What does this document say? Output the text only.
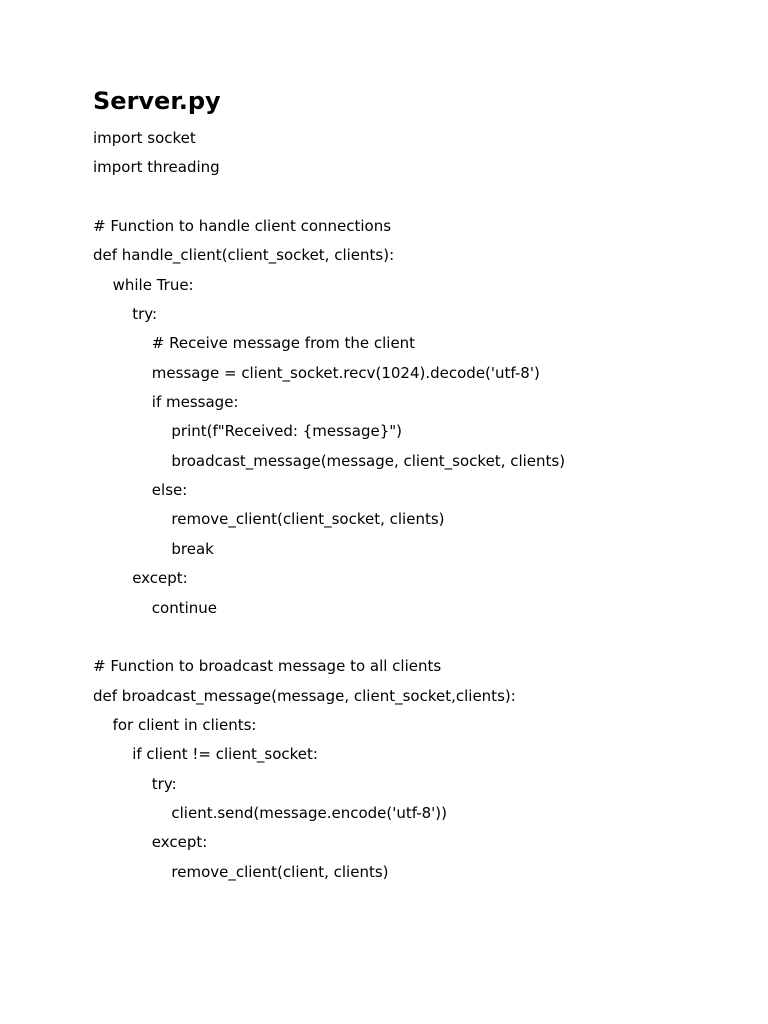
Server.py
import socket
import threading
# Function to handle client connections
def handle_client(client_socket, clients):
while True:
try:
# Receive message from the client
message = client_socket.recv(1024).decode('utf-8')
if message:
print(f"Received: {message}")
broadcast_message(message, client_socket, clients)
else:
remove_client(client_socket, clients)
break
except:
continue
# Function to broadcast message to all clients
def broadcast_message(message, client_socket,clients):
for client in clients:
if client != client_socket:
try:
client.send(message.encode('utf-8'))
except:
remove_client(client, clients)
